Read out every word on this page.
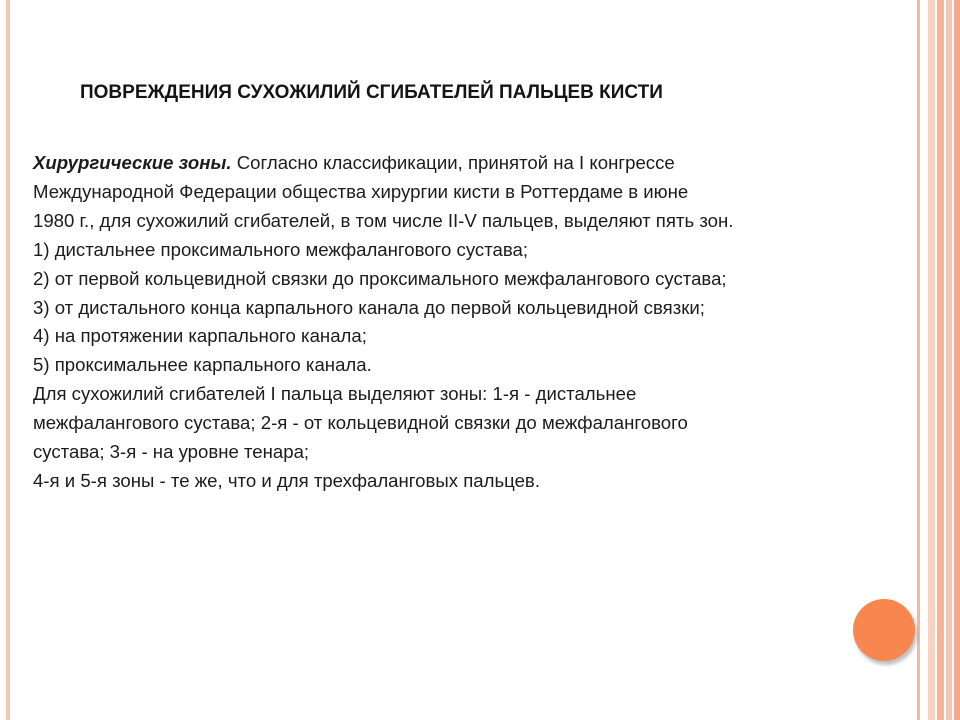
ПОВРЕЖДЕНИЯ СУХОЖИЛИЙ СГИБАТЕЛЕЙ ПАЛЬЦЕВ КИСТИ
Хирургические зоны. Согласно классификации, принятой на I конгрессе
Международной Федерации общества хирургии кисти в Роттердаме в июне
1980 г., для сухожилий сгибателей, в том числе II-V пальцев, выделяют пять зон.
1) дистальнее проксимального межфалангового сустава;
2) от первой кольцевидной связки до проксимального межфалангового сустава;
3) от дистального конца карпального канала до первой кольцевидной связки;
4) на протяжении карпального канала;
5) проксимальнее карпального канала.
Для сухожилий сгибателей I пальца выделяют зоны: 1-я - дистальнее
межфалангового сустава; 2-я - от кольцевидной связки до межфалангового
сустава; 3-я - на уровне тенара;
4-я и 5-я зоны - те же, что и для трехфаланговых пальцев.
